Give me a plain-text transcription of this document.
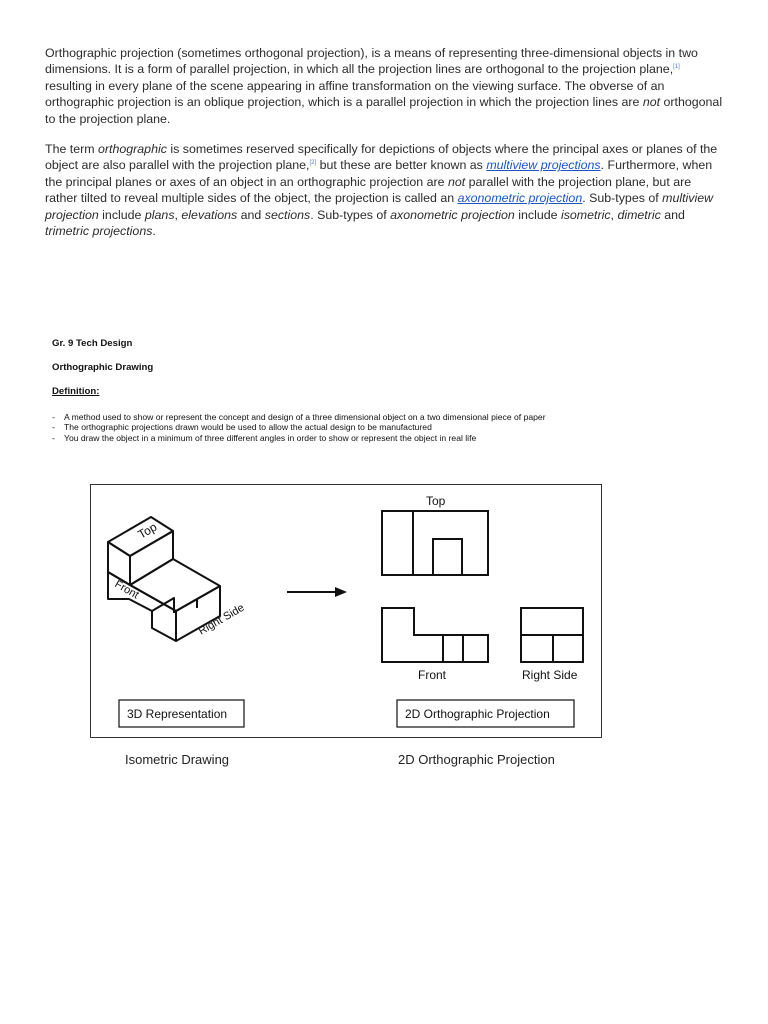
Orthographic projection (sometimes orthogonal projection), is a means of representing three-dimensional objects in two dimensions. It is a form of parallel projection, in which all the projection lines are orthogonal to the projection plane,[1] resulting in every plane of the scene appearing in affine transformation on the viewing surface. The obverse of an orthographic projection is an oblique projection, which is a parallel projection in which the projection lines are not orthogonal to the projection plane.

The term orthographic is sometimes reserved specifically for depictions of objects where the principal axes or planes of the object are also parallel with the projection plane,[2] but these are better known as multiview projections. Furthermore, when the principal planes or axes of an object in an orthographic projection are not parallel with the projection plane, but are rather tilted to reveal multiple sides of the object, the projection is called an axonometric projection. Sub-types of multiview projection include plans, elevations and sections. Sub-types of axonometric projection include isometric, dimetric and trimetric projections.

Gr. 9 Tech Design
Orthographic Drawing
Definition:
- A method used to show or represent the concept and design of a three dimensional object on a two dimensional piece of paper
- The orthographic projections drawn would be used to allow the actual design to be manufactured
- You draw the object in a minimum of three different angles in order to show or represent the object in real life
Top
Front
Right Side
Top
Front	Right Side
3D Representation	2D Orthographic Projection
Isometric Drawing	2D Orthographic Projection
